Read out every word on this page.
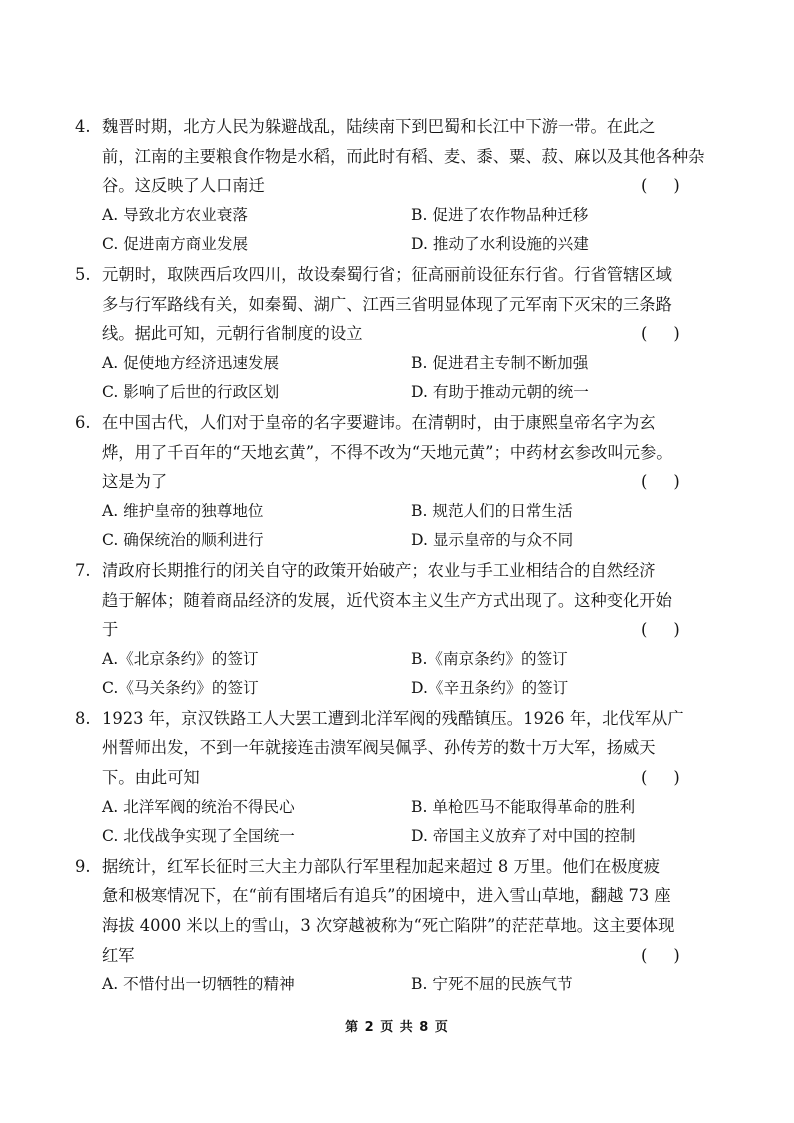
4. 魏晋时期，北方人民为躲避战乱，陆续南下到巴蜀和长江中下游一带。在此之
前，江南的主要粮食作物是水稻，而此时有稻、麦、黍、粟、菽、麻以及其他各种杂
谷。这反映了人口南迁	()
A. 导致北方农业衰落	B. 促进了农作物品种迁移
C. 促进南方商业发展	D. 推动了水利设施的兴建
5. 元朝时，取陕西后攻四川，故设秦蜀行省；征高丽前设征东行省。行省管辖区域
多与行军路线有关，如秦蜀、湖广、江西三省明显体现了元军南下灭宋的三条路
线。据此可知，元朝行省制度的设立	()
A. 促使地方经济迅速发展	B. 促进君主专制不断加强
C. 影响了后世的行政区划	D. 有助于推动元朝的统一
6. 在中国古代，人们对于皇帝的名字要避讳。在清朝时，由于康熙皇帝名字为玄
烨，用了千百年的“天地玄黄”，不得不改为“天地元黄”；中药材玄参改叫元参。
这是为了	()
A. 维护皇帝的独尊地位	B. 规范人们的日常生活
C. 确保统治的顺利进行	D. 显示皇帝的与众不同
7. 清政府长期推行的闭关自守的政策开始破产；农业与手工业相结合的自然经济
趋于解体；随着商品经济的发展，近代资本主义生产方式出现了。这种变化开始
于	()
A.《北京条约》的签订	B.《南京条约》的签订
C.《马关条约》的签订	D.《辛丑条约》的签订
8. 1923 年，京汉铁路工人大罢工遭到北洋军阀的残酷镇压。1926 年，北伐军从广
州誓师出发，不到一年就接连击溃军阀吴佩孚、孙传芳的数十万大军，扬威天
下。由此可知	()
A. 北洋军阀的统治不得民心	B. 单枪匹马不能取得革命的胜利
C. 北伐战争实现了全国统一	D. 帝国主义放弃了对中国的控制
9. 据统计，红军长征时三大主力部队行军里程加起来超过 8 万里。他们在极度疲
惫和极寒情况下，在“前有围堵后有追兵”的困境中，进入雪山草地，翻越 73 座
海拔 4000 米以上的雪山，3 次穿越被称为“死亡陷阱”的茫茫草地。这主要体现
红军	()
A. 不惜付出一切牺牲的精神	B. 宁死不屈的民族气节
第 2 页 共 8 页
